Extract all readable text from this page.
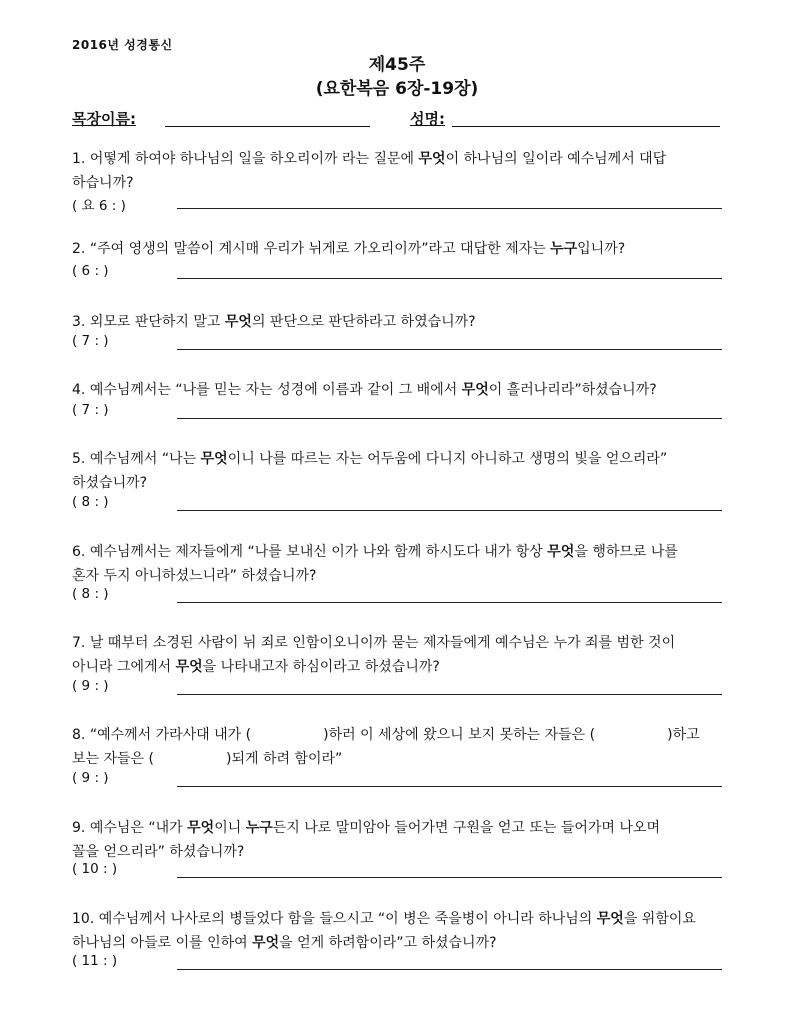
2016년 성경통신
제45주
(요한복음 6장-19장)
목장이름:	성명:
1. 어떻게 하여야 하나님의 일을 하오리이까 라는 질문에 무엇이 하나님의 일이라 예수님께서 대답
하습니까?
( 요 6 : )
2. “주여 영생의 말씀이 계시매 우리가 뉘게로 가오리이까”라고 대답한 제자는 누구입니까?
( 6 : )
3. 외모로 판단하지 말고 무엇의 판단으로 판단하라고 하였습니까?
( 7 : )
4. 예수님께서는 “나를 믿는 자는 성경에 이름과 같이 그 배에서 무엇이 흘러나리라”하셨습니까?
( 7 : )
5. 예수님께서 “나는 무엇이니 나를 따르는 자는 어두움에 다니지 아니하고 생명의 빛을 얻으리라”
하셨습니까?
( 8 : )
6. 예수님께서는 제자들에게 “나를 보내신 이가 나와 함께 하시도다 내가 항상 무엇을 행하므로 나를
혼자 두지 아니하셨느니라” 하셨습니까?
( 8 : )
7. 날 때부터 소경된 사람이 뉘 죄로 인함이오니이까 묻는 제자들에게 예수님은 누가 죄를 범한 것이
아니라 그에게서 무엇을 나타내고자 하심이라고 하셨습니까?
( 9 : )
8. “예수께서 가라사대 내가 (	)하러 이 세상에 왔으니 보지 못하는 자들은 (	)하고
보는 자들은 (	)되게 하려 함이라”
( 9 : )
9. 예수님은 “내가 무엇이니 누구든지 나로 말미암아 들어가면 구원을 얻고 또는 들어가며 나오며
꼴을 얻으리라” 하셨습니까?
( 10 : )
10. 예수님께서 나사로의 병들었다 함을 들으시고 “이 병은 죽을병이 아니라 하나님의 무엇을 위함이요
하나님의 아들로 이를 인하여 무엇을 얻게 하려함이라”고 하셨습니까?
( 11 : )
